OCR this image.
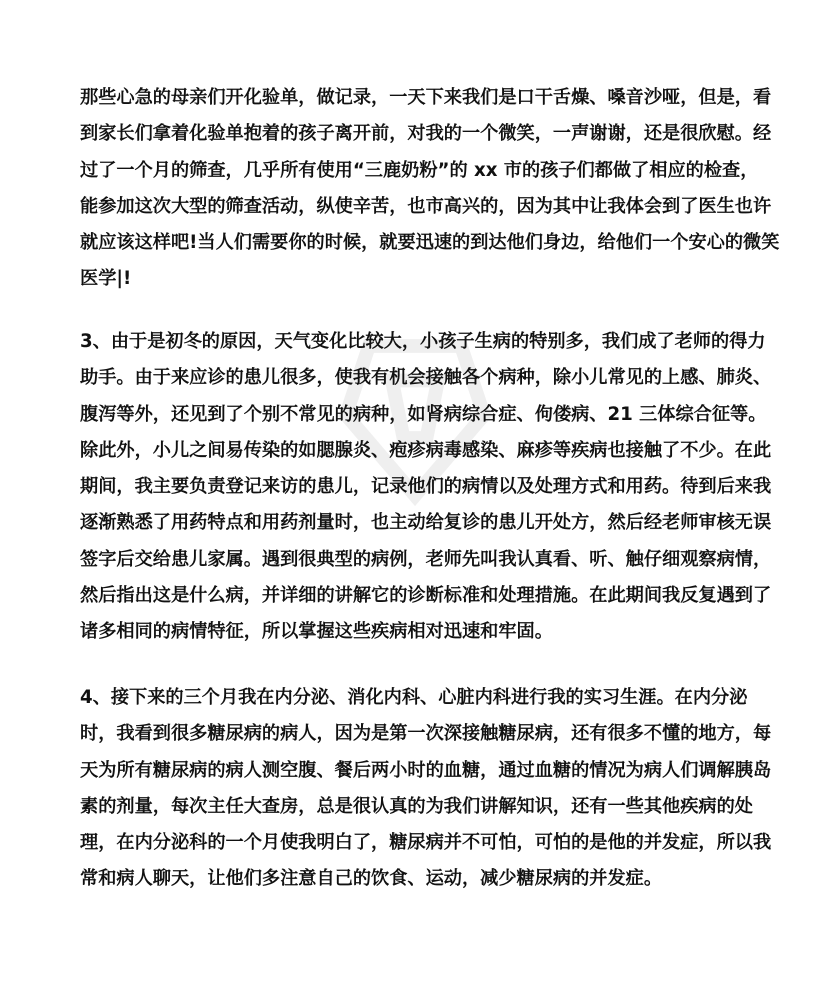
那些心急的母亲们开化验单，做记录，一天下来我们是口干舌燥、嗓音沙哑，但是，看
到家长们拿着化验单抱着的孩子离开前，对我的一个微笑，一声谢谢，还是很欣慰。经
过了一个月的筛查，几乎所有使用“三鹿奶粉”的 xx 市的孩子们都做了相应的检查，
能参加这次大型的筛查活动，纵使辛苦，也市高兴的，因为其中让我体会到了医生也许
就应该这样吧!当人们需要你的时候，就要迅速的到达他们身边，给他们一个安心的微笑
医学|!
3、由于是初冬的原因，天气变化比较大，小孩子生病的特别多，我们成了老师的得力
助手。由于来应诊的患儿很多，使我有机会接触各个病种，除小儿常见的上感、肺炎、
腹泻等外，还见到了个别不常见的病种，如肾病综合症、佝偻病、21 三体综合征等。
除此外，小儿之间易传染的如腮腺炎、疱疹病毒感染、麻疹等疾病也接触了不少。在此
期间，我主要负责登记来访的患儿，记录他们的病情以及处理方式和用药。待到后来我
逐渐熟悉了用药特点和用药剂量时，也主动给复诊的患儿开处方，然后经老师审核无误
签字后交给患儿家属。遇到很典型的病例，老师先叫我认真看、听、触仔细观察病情，
然后指出这是什么病，并详细的讲解它的诊断标准和处理措施。在此期间我反复遇到了
诸多相同的病情特征，所以掌握这些疾病相对迅速和牢固。
4、接下来的三个月我在内分泌、消化内科、心脏内科进行我的实习生涯。在内分泌
时，我看到很多糖尿病的病人，因为是第一次深接触糖尿病，还有很多不懂的地方，每
天为所有糖尿病的病人测空腹、餐后两小时的血糖，通过血糖的情况为病人们调解胰岛
素的剂量，每次主任大查房，总是很认真的为我们讲解知识，还有一些其他疾病的处
理，在内分泌科的一个月使我明白了，糖尿病并不可怕，可怕的是他的并发症，所以我
常和病人聊天，让他们多注意自己的饮食、运动，减少糖尿病的并发症。
